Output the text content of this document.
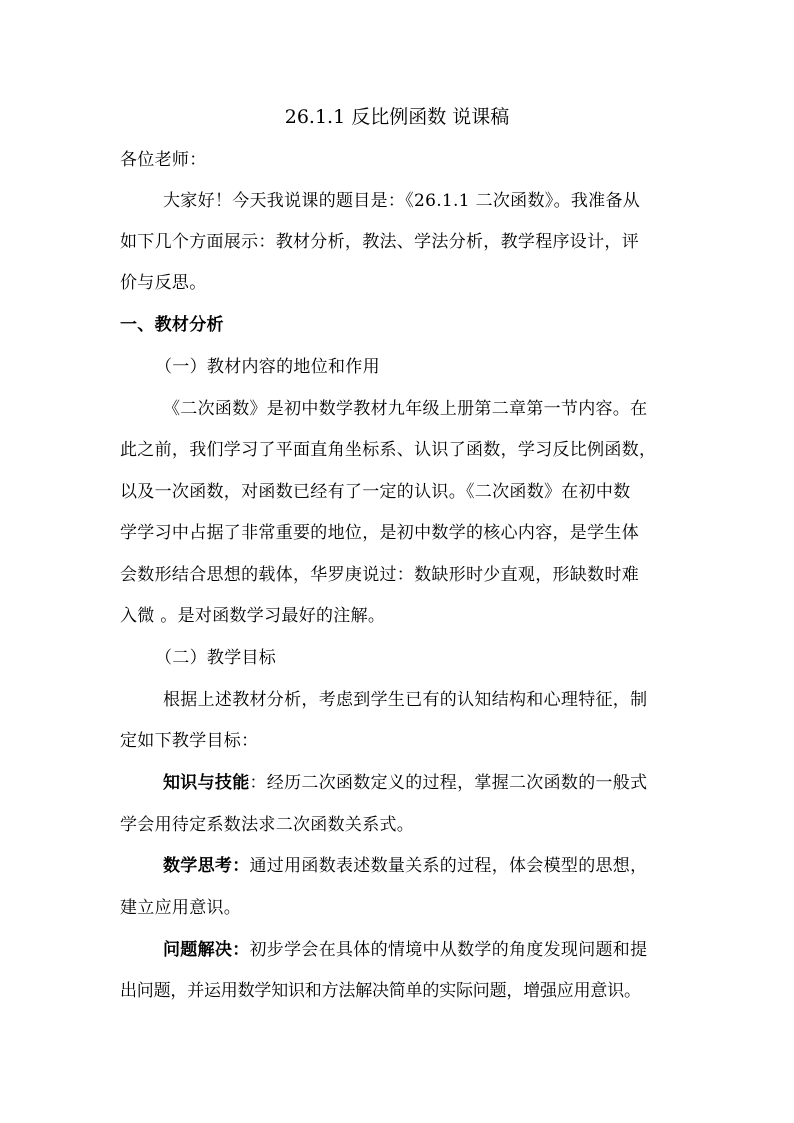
26.1.1 反比例函数 说课稿
各位老师：
大家好！今天我说课的题目是：《26.1.1 二次函数》。我准备从
如下几个方面展示：教材分析，教法、学法分析，教学程序设计，评
价与反思。
一、教材分析
（一）教材内容的地位和作用
《二次函数》是初中数学教材九年级上册第二章第一节内容。在
此之前，我们学习了平面直角坐标系、认识了函数，学习反比例函数，
以及一次函数，对函数已经有了一定的认识。《二次函数》在初中数
学学习中占据了非常重要的地位，是初中数学的核心内容，是学生体
会数形结合思想的载体，华罗庚说过：数缺形时少直观，形缺数时难
入微 。是对函数学习最好的注解。
（二）教学目标
根据上述教材分析，考虑到学生已有的认知结构和心理特征，制
定如下教学目标：
知识与技能：经历二次函数定义的过程，掌握二次函数的一般式
学会用待定系数法求二次函数关系式。
数学思考：通过用函数表述数量关系的过程，体会模型的思想，
建立应用意识。
问题解决：初步学会在具体的情境中从数学的角度发现问题和提
出问题，并运用数学知识和方法解决简单的实际问题，增强应用意识。
